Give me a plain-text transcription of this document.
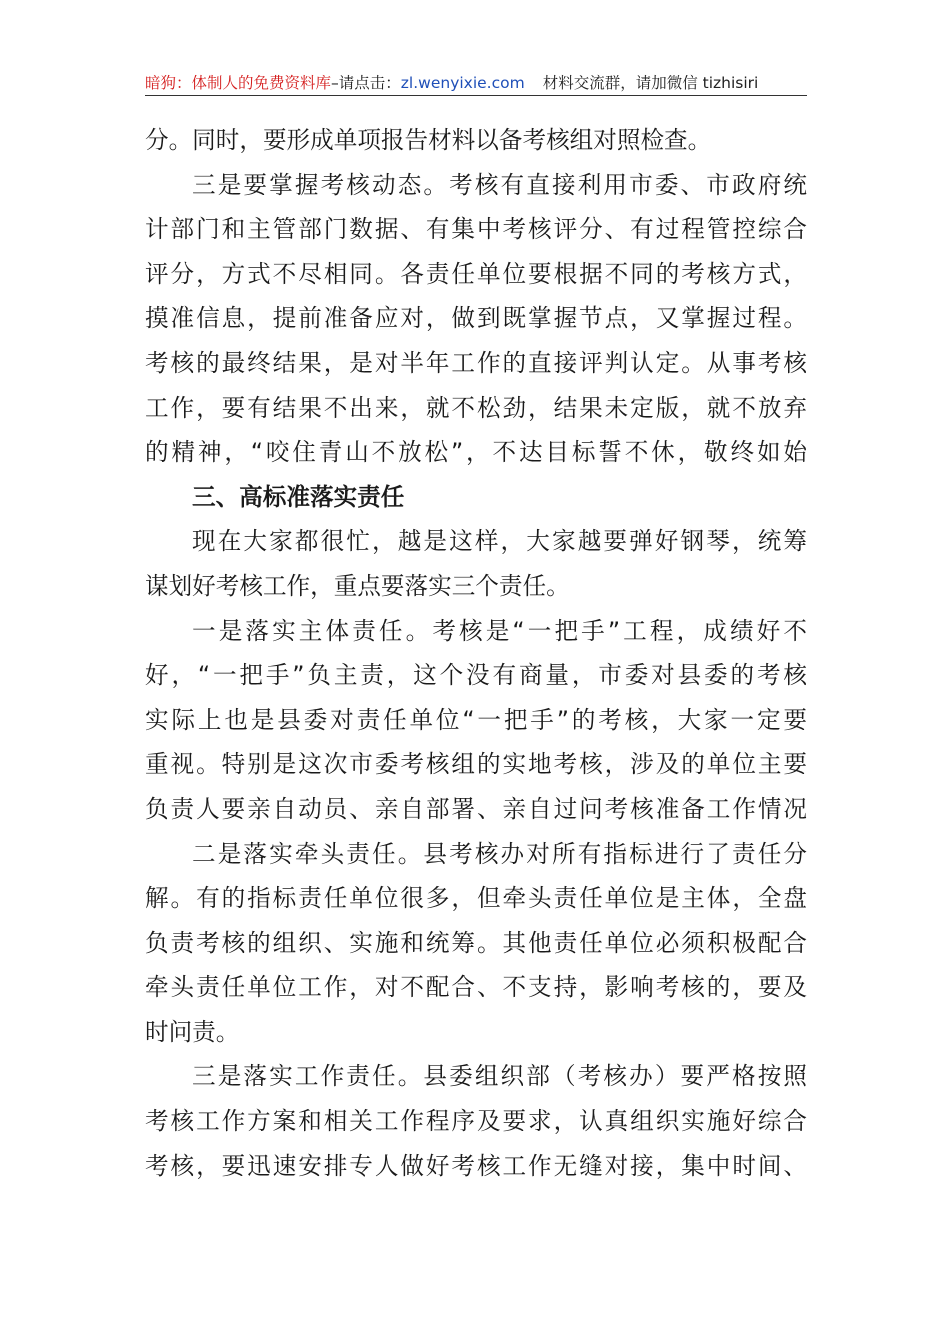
暗狗：体制人的免费资料库 –请点击： zl.wenyixie.com 材料交流群，请加微信 tizhisiri
分。同时，要形成单项报告材料以备考核组对照检查。
三是要掌握考核动态。考核有直接利用市委、市政府统
计部门和主管部门数据、有集中考核评分、有过程管控综合
评分，方式不尽相同。各责任单位要根据不同的考核方式，
摸准信息，提前准备应对，做到既掌握节点，又掌握过程。
考核的最终结果，是对半年工作的直接评判认定。从事考核
工作，要有结果不出来，就不松劲，结果未定版，就不放弃
的精神，“咬住青山不放松”，不达目标誓不休，敬终如始
三、高标准落实责任
现在大家都很忙，越是这样，大家越要弹好钢琴，统筹
谋划好考核工作，重点要落实三个责任。
一是落实主体责任。考核是“一把手”工程，成绩好不
好，“一把手”负主责，这个没有商量，市委对县委的考核
实际上也是县委对责任单位“一把手”的考核，大家一定要
重视。特别是这次市委考核组的实地考核，涉及的单位主要
负责人要亲自动员、亲自部署、亲自过问考核准备工作情况
二是落实牵头责任。县考核办对所有指标进行了责任分
解。有的指标责任单位很多，但牵头责任单位是主体，全盘
负责考核的组织、实施和统筹。其他责任单位必须积极配合
牵头责任单位工作，对不配合、不支持，影响考核的，要及
时问责。
三是落实工作责任。县委组织部（考核办）要严格按照
考核工作方案和相关工作程序及要求，认真组织实施好综合
考核，要迅速安排专人做好考核工作无缝对接，集中时间、
